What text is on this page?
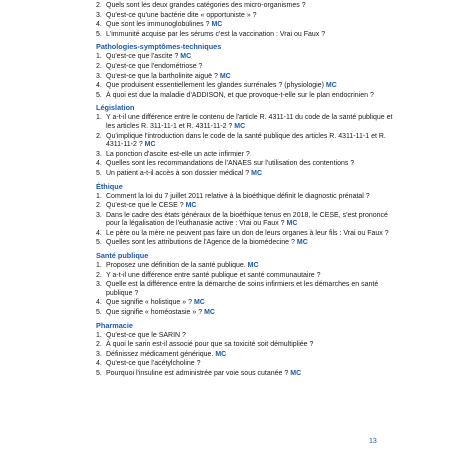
2. Quels sont les deux grandes catégories des micro-organismes ?
3. Qu'est-ce qu'une bactérie dite « opportuniste » ?
4. Que sont les immunoglobulines ? MC
5. L'immunité acquise par les sérums c'est la vaccination : Vrai ou Faux ?
Pathologies-symptômes-techniques
1. Qu'est-ce que l'ascite ? MC
2. Qu'est-ce que l'endométriose ?
3. Qu'est-ce que la bartholinite aiguë ? MC
4. Que produisent essentiellement les glandes surrénales ? (physiologie) MC
5. À quoi est due la maladie d'ADDISON, et que provoque-t-elle sur le plan endocrinien ?
Législation
1. Y a-t-il une différence entre le contenu de l'article R. 4311-11 du code de la santé publique et les articles R. 311-11-1 et R. 4311-11-2 ? MC
2. Qu'implique l'introduction dans le code de la santé publique des articles R. 4311-11-1 et R. 4311-11-2 ? MC
3. La ponction d'ascite est-elle un acte infirmier ?
4. Quelles sont les recommandations de l'ANAES sur l'utilisation des contentions ?
5. Un patient a-t-il accès à son dossier médical ? MC
Éthique
1. Comment la loi du 7 juillet 2011 relative à la bioéthique définit le diagnostic prénatal ?
2. Qu'est-ce que le CESE ? MC
3. Dans le cadre des états généraux de la bioéthique tenus en 2018, le CESE, s'est prononcé pour la légalisation de l'euthanasie active : Vrai ou Faux ? MC
4. Le père ou la mère ne peuvent pas faire un don de leurs organes à leur fils : Vrai ou Faux ?
5. Quelles sont les attributions de l'Agence de la biomédecine ? MC
Santé publique
1. Proposez une définition de la santé publique. MC
2. Y a-t-il une différence entre santé publique et santé communautaire ?
3. Quelle est la différence entre la démarche de soins infirmiers et les démarches en santé publique ?
4. Que signifie « holistique » ? MC
5. Que signifie « homéostasie » ? MC
Pharmacie
1. Qu'est-ce que le SARIN ?
2. À quoi le sarin est-il associé pour que sa toxicité soit démultipliée ?
3. Définissez médicament générique. MC
4. Qu'est-ce que l'acétylcholine ?
5. Pourquoi l'insuline est administrée par voie sous cutanée ? MC
13
